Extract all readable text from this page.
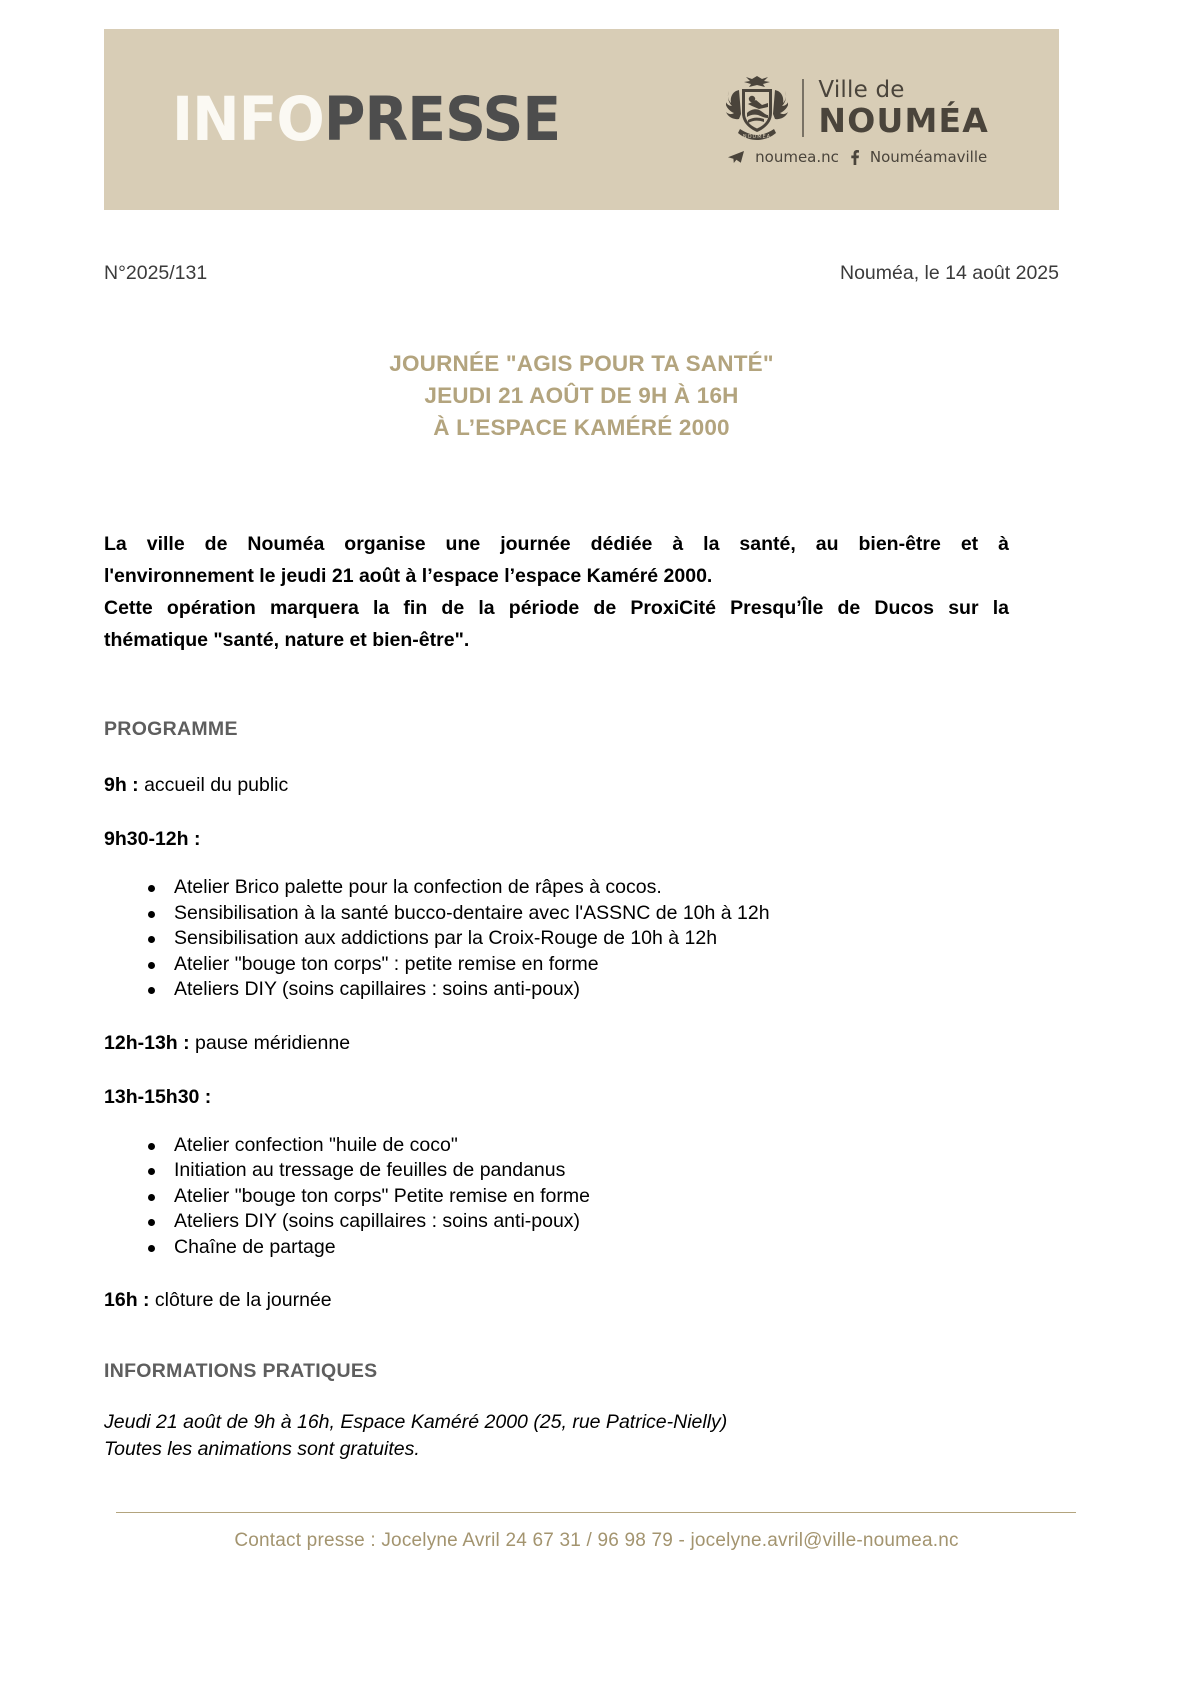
INFOPRESSE	NOUMEA
Ville de
NOUMÉA
noumea.nc Nouméamaville
N°2025/131	Nouméa, le 14 août 2025
JOURNÉE "AGIS POUR TA SANTÉ"
JEUDI 21 AOÛT DE 9H À 16H
À L’ESPACE KAMÉRÉ 2000

La ville de Nouméa organise une journée dédiée à la santé, au bien-être et à
l'environnement le jeudi 21 août à l’espace l’espace Kaméré 2000.
Cette opération marquera la fin de la période de ProxiCité Presqu’Île de Ducos sur la
thématique "santé, nature et bien-être".

PROGRAMME

9h : accueil du public

9h30-12h :

Atelier Brico palette pour la confection de râpes à cocos.
Sensibilisation à la santé bucco-dentaire avec l'ASSNC de 10h à 12h
Sensibilisation aux addictions par la Croix-Rouge de 10h à 12h
Atelier "bouge ton corps" : petite remise en forme
Ateliers DIY (soins capillaires : soins anti-poux)

12h-13h : pause méridienne

13h-15h30 :

Atelier confection "huile de coco"
Initiation au tressage de feuilles de pandanus
Atelier "bouge ton corps" Petite remise en forme
Ateliers DIY (soins capillaires : soins anti-poux)
Chaîne de partage

16h : clôture de la journée

INFORMATIONS PRATIQUES

Jeudi 21 août de 9h à 16h, Espace Kaméré 2000 (25, rue Patrice-Nielly)

Toutes les animations sont gratuites.

Contact presse : Jocelyne Avril 24 67 31 / 96 98 79 - jocelyne.avril@ville-noumea.nc
